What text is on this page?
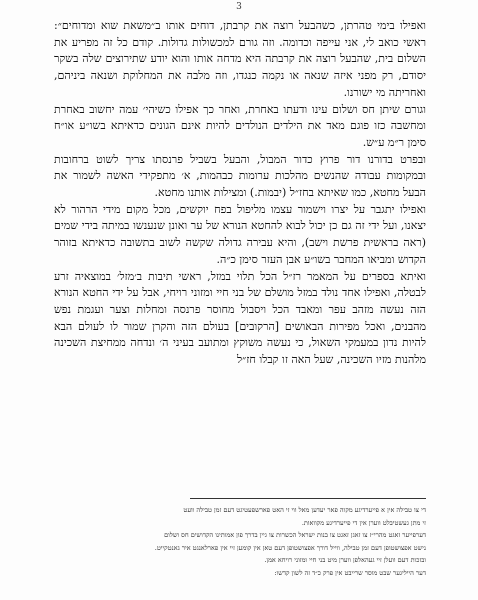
3

ואפילו בימי טהרתן, כשהבעל רוצה את קרבתן, דוחים אותו ב״משאת שוא ומדוחים״: ראשי כואב לי, אני עייפה וכדומה. וזה גורם למכשולות גדולות. קודם כל זה מפריע את השלום בית, שהבעל רוצה את קרבתה היא מדחה אותו והוא יודע שתירוצים שלה בשקר יסודם, רק מפני איזה שנאה או נקמה כנגדו, וזה מלבה את המחלוקת ושנאה ביניהם, ואחריתה מי ישורנו.

וגורם שיתן חס ושלום עינו ודעתו באחרת, ואחר כך אפילו כשיהי׳ עמה יחשוב באחרת ומחשבה כזו פוגם מאד את הילדים הנולדים להיות אינם הגונים כדאיתא בשו״ע או״ח סימן ר״מ ע״ש.

ובפרט בדורנו דור פרוץ כדור המבול, והבעל בשביל פרנסתו צריך לשוט ברחובות ובמקומות עבודה שהנשים מהלכות ערומות כבהמות, א׳ מתפקידי האשה לשמור את הבעל מחטא, כמו שאיתא בחז״ל (יבמות.) ומצילות אותנו מחטא.

ואפילו יתגבר על יצרו וישמור עצמו מליפול בפח יוקשים, מכל מקום מידי הרהור לא יצאנו, ועל ידי זה גם כן יכול לבוא להחטא הנורא של ער ואונן שנענשו במיתה בידי שמים (ראה בראשית פרשת וישב), והיא עבירה גדולה שקשה לשוב בתשובה כדאיתא בזוהר הקדוש ומביאו המחבר בשו״ע אבן העזר סימן כ״ה.

ואיתא בספרים על המאמר רז״ל הכל תלוי במזל, ראשי תיבות ב׳מזל׳ במוצאיה זרע לבטלה, ואפילו אחד נולד במזל מושלם של בני חיי ומזוני רויחי, אבל על ידי החטא הנורא הזה נעשה מזהב עפר ומאבד הכל ויסבול מחוסר פרנסה ומחלות וצער ועגמת נפש מהבנים, ואכל מפירות הבאושים [הרקובים] בעולם הזה והקרן שמור לו לעולם הבא להיות נדון במעמקי השאול, כי נעשה משוקץ ומתועב בעיני ה׳ ונדחה ממחיצת השכינה מלהנות מזיו השכינה, שעל האה זו קבלו חז״ל

די צו טבילה אין א פייערדיגע מקוה פאר יעדען מאל ווי זי האט פארשפעטיגט דעם זמן טבילה וועט

זי מתן געשטיבלט ווערן אין די פייערדיגע מקוואות.

דערפייער זאגט מהרי״ז צו זאגן זאגט צו בנות ישראל הכשרות צו גיין בדרך פון אמותינו הקדושים חס ושלום

נישט אפצושטופן דעם זמן טבילה, ווייל דורך אפצושטופן דעם טאן אין קומען זיי אין פארלאנגט איר גאנטקייט.

ובזכות דעם וועלן זיי געהאלפן ווערן מיט בני חיי ומזוני רויחא אמן.

דער הייליגער שבט מוסר שרייבט אין פרק כ״ד זה לשון קדשו:
